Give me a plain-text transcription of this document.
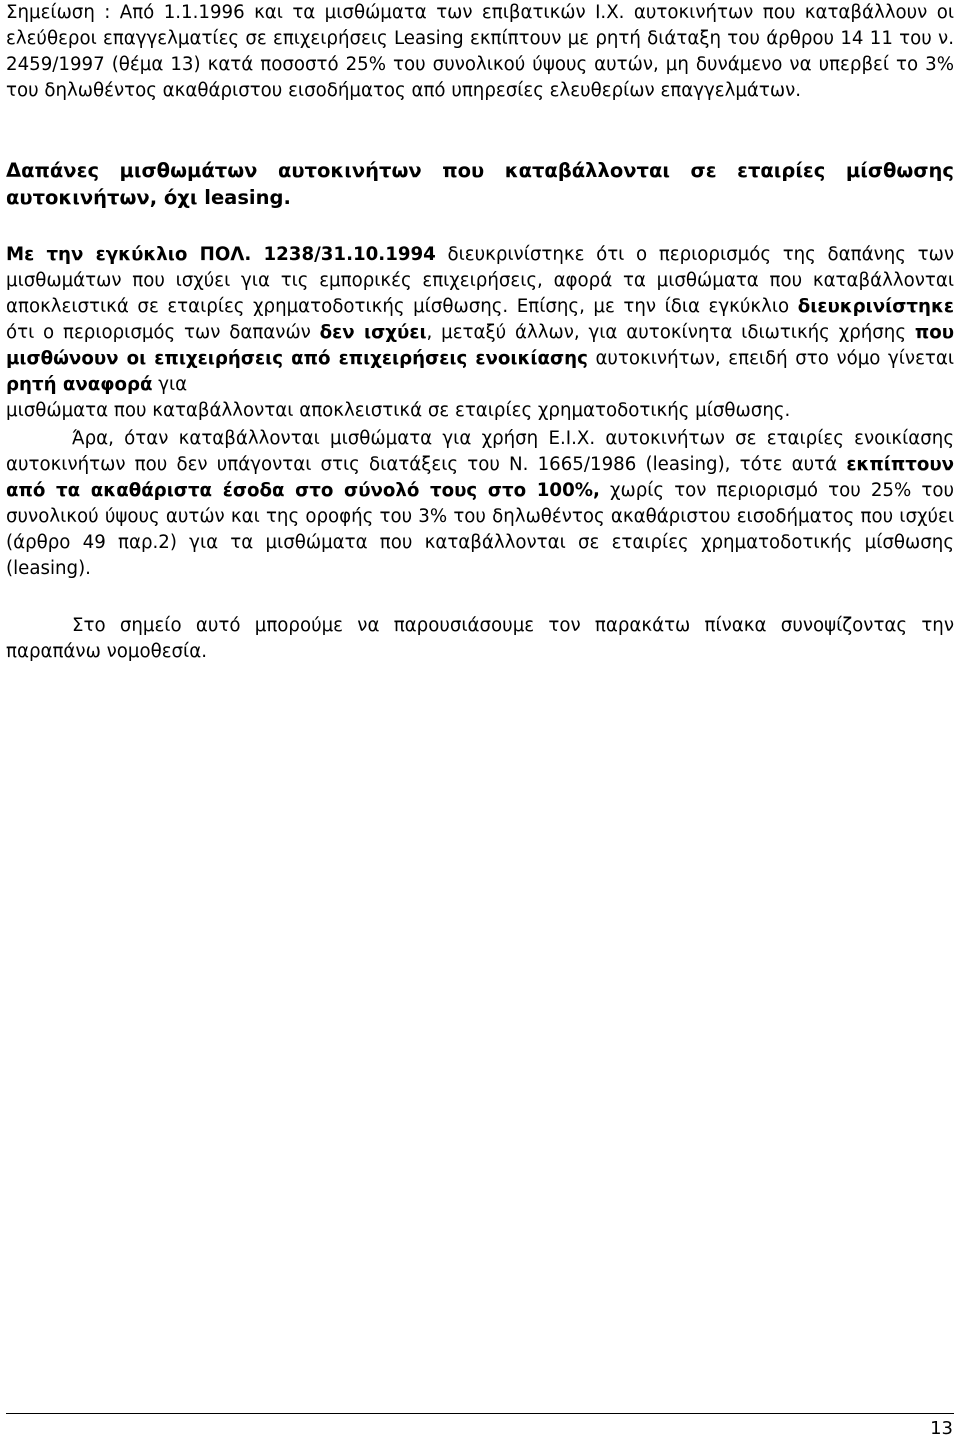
Σημείωση : Από 1.1.1996 και τα μισθώματα των επιβατικών Ι.Χ. αυτοκινήτων που καταβάλλουν οι ελεύθεροι επαγγελματίες σε επιχειρήσεις Leasing εκπίπτουν με ρητή διάταξη του άρθρου 14 11 του ν. 2459/1997 (θέμα 13) κατά ποσοστό 25% του συνολικού ύψους αυτών, μη δυνάμενο να υπερβεί το 3% του δηλωθέντος ακαθάριστου εισοδήματος από υπηρεσίες ελευθερίων επαγγελμάτων.

Δαπάνες μισθωμάτων αυτοκινήτων που καταβάλλονται σε εταιρίες μίσθωσης αυτοκινήτων, όχι leasing.

Με την εγκύκλιο ΠΟΛ. 1238/31.10.1994 διευκρινίστηκε ότι ο περιορισμός της δαπάνης των μισθωμάτων που ισχύει για τις εμπορικές επιχειρήσεις, αφορά τα μισθώματα που καταβάλλονται αποκλειστικά σε εταιρίες χρηματοδοτικής μίσθωσης. Επίσης, με την ίδια εγκύκλιο διευκρινίστηκε ότι ο περιορισμός των δαπανών δεν ισχύει, μεταξύ άλλων, για αυτοκίνητα ιδιωτικής χρήσης που μισθώνουν οι επιχειρήσεις από επιχειρήσεις ενοικίασης αυτοκινήτων, επειδή στο νόμο γίνεται ρητή αναφορά για

μισθώματα που καταβάλλονται αποκλειστικά σε εταιρίες χρηματοδοτικής μίσθωσης.

Άρα, όταν καταβάλλονται μισθώματα για χρήση Ε.Ι.Χ. αυτοκινήτων σε εταιρίες ενοικίασης αυτοκινήτων που δεν υπάγονται στις διατάξεις του Ν. 1665/1986 (leasing), τότε αυτά εκπίπτουν από τα ακαθάριστα έσοδα στο σύνολό τους στο 100%, χωρίς τον περιορισμό του 25% του συνολικού ύψους αυτών και της οροφής του 3% του δηλωθέντος ακαθάριστου εισοδήματος που ισχύει (άρθρο 49 παρ.2) για τα μισθώματα που καταβάλλονται σε εταιρίες χρηματοδοτικής μίσθωσης (leasing).

Στο σημείο αυτό μπορούμε να παρουσιάσουμε τον παρακάτω πίνακα συνοψίζοντας την παραπάνω νομοθεσία.

13
